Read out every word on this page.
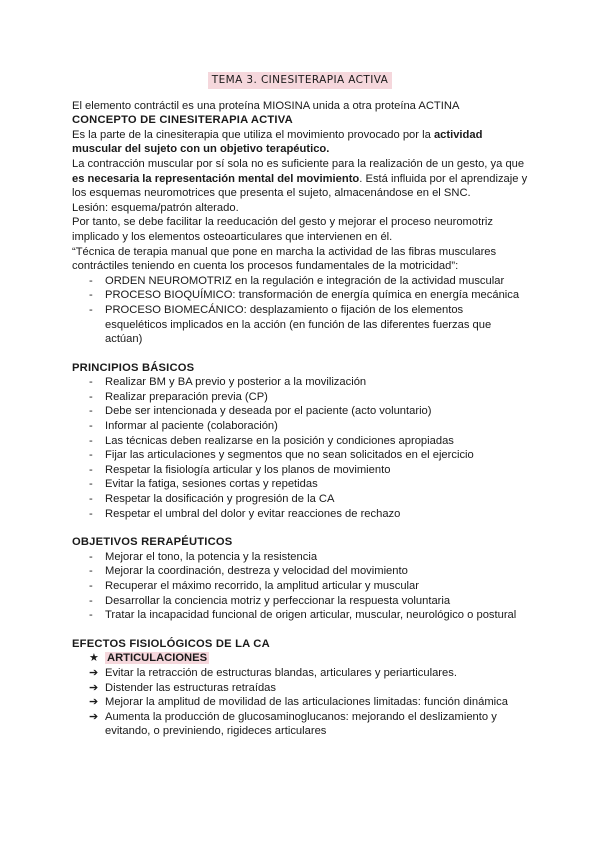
TEMA 3. CINESITERAPIA ACTIVA

El elemento contráctil es una proteína MIOSINA unida a otra proteína ACTINA

CONCEPTO DE CINESITERAPIA ACTIVA

Es la parte de la cinesiterapia que utiliza el movimiento provocado por la actividad muscular del sujeto con un objetivo terapéutico.

La contracción muscular por sí sola no es suficiente para la realización de un gesto, ya que es necesaria la representación mental del movimiento. Está influida por el aprendizaje y los esquemas neuromotrices que presenta el sujeto, almacenándose en el SNC.

Lesión: esquema/patrón alterado.

Por tanto, se debe facilitar la reeducación del gesto y mejorar el proceso neuromotriz implicado y los elementos osteoarticulares que intervienen en él.

“Técnica de terapia manual que pone en marcha la actividad de las fibras musculares contráctiles teniendo en cuenta los procesos fundamentales de la motricidad”:

- ORDEN NEUROMOTRIZ en la regulación e integración de la actividad muscular
- PROCESO BIOQUÍMICO: transformación de energía química en energía mecánica
- PROCESO BIOMECÁNICO: desplazamiento o fijación de los elementos esqueléticos implicados en la acción (en función de las diferentes fuerzas que actúan)

PRINCIPIOS BÁSICOS

- Realizar BM y BA previo y posterior a la movilización
- Realizar preparación previa (CP)
- Debe ser intencionada y deseada por el paciente (acto voluntario)
- Informar al paciente (colaboración)
- Las técnicas deben realizarse en la posición y condiciones apropiadas
- Fijar las articulaciones y segmentos que no sean solicitados en el ejercicio
- Respetar la fisiología articular y los planos de movimiento
- Evitar la fatiga, sesiones cortas y repetidas
- Respetar la dosificación y progresión de la CA
- Respetar el umbral del dolor y evitar reacciones de rechazo

OBJETIVOS RERAPÉUTICOS

- Mejorar el tono, la potencia y la resistencia
- Mejorar la coordinación, destreza y velocidad del movimiento
- Recuperar el máximo recorrido, la amplitud articular y muscular
- Desarrollar la conciencia motriz y perfeccionar la respuesta voluntaria
- Tratar la incapacidad funcional de origen articular, muscular, neurológico o postural

EFECTOS FISIOLÓGICOS DE LA CA

★ ARTICULACIONES
➔ Evitar la retracción de estructuras blandas, articulares y periarticulares.
➔ Distender las estructuras retraídas
➔ Mejorar la amplitud de movilidad de las articulaciones limitadas: función dinámica
➔ Aumenta la producción de glucosaminoglucanos: mejorando el deslizamiento y evitando, o previniendo, rigideces articulares
